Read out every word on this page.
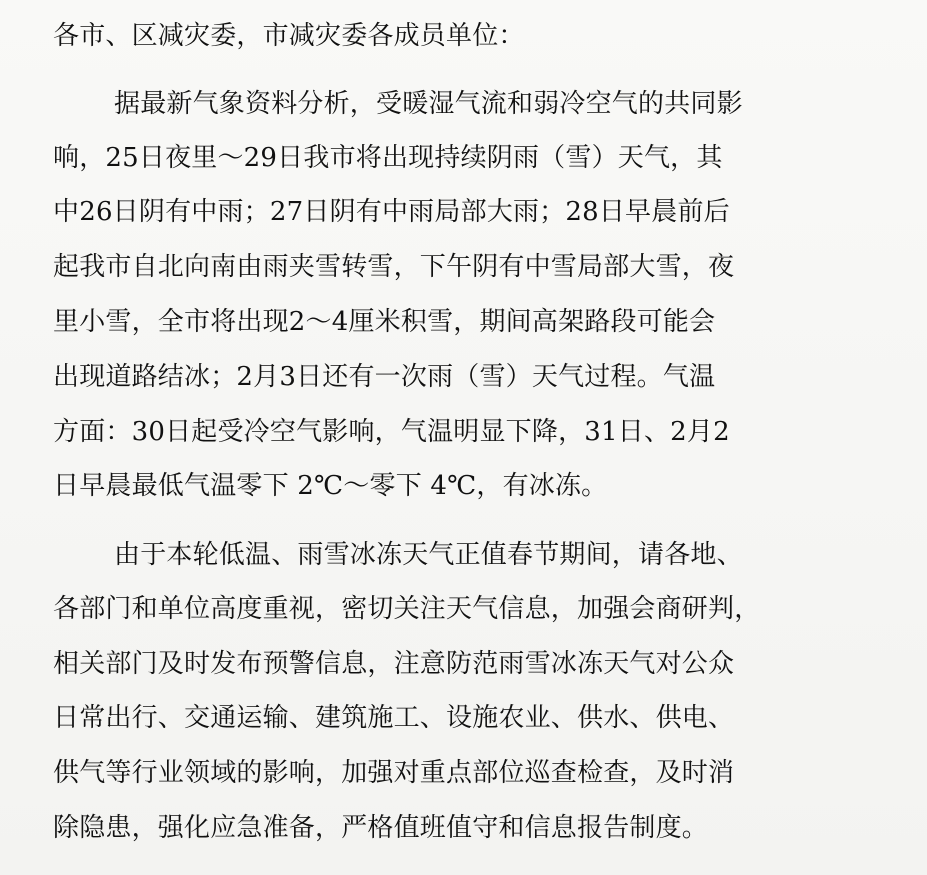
各市、区减灾委，市减灾委各成员单位：
据最新气象资料分析，受暖湿气流和弱冷空气的共同影
响，25日夜里～29日我市将出现持续阴雨（雪）天气，其
中26日阴有中雨；27日阴有中雨局部大雨；28日早晨前后
起我市自北向南由雨夹雪转雪，下午阴有中雪局部大雪，夜
里小雪，全市将出现2～4厘米积雪，期间高架路段可能会
出现道路结冰；2月3日还有一次雨（雪）天气过程。气温
方面：30日起受冷空气影响，气温明显下降，31日、2月2
日早晨最低气温零下 2℃～零下 4℃，有冰冻。
由于本轮低温、雨雪冰冻天气正值春节期间，请各地、
各部门和单位高度重视，密切关注天气信息，加强会商研判，
相关部门及时发布预警信息，注意防范雨雪冰冻天气对公众
日常出行、交通运输、建筑施工、设施农业、供水、供电、
供气等行业领域的影响，加强对重点部位巡查检查，及时消
除隐患，强化应急准备，严格值班值守和信息报告制度。
